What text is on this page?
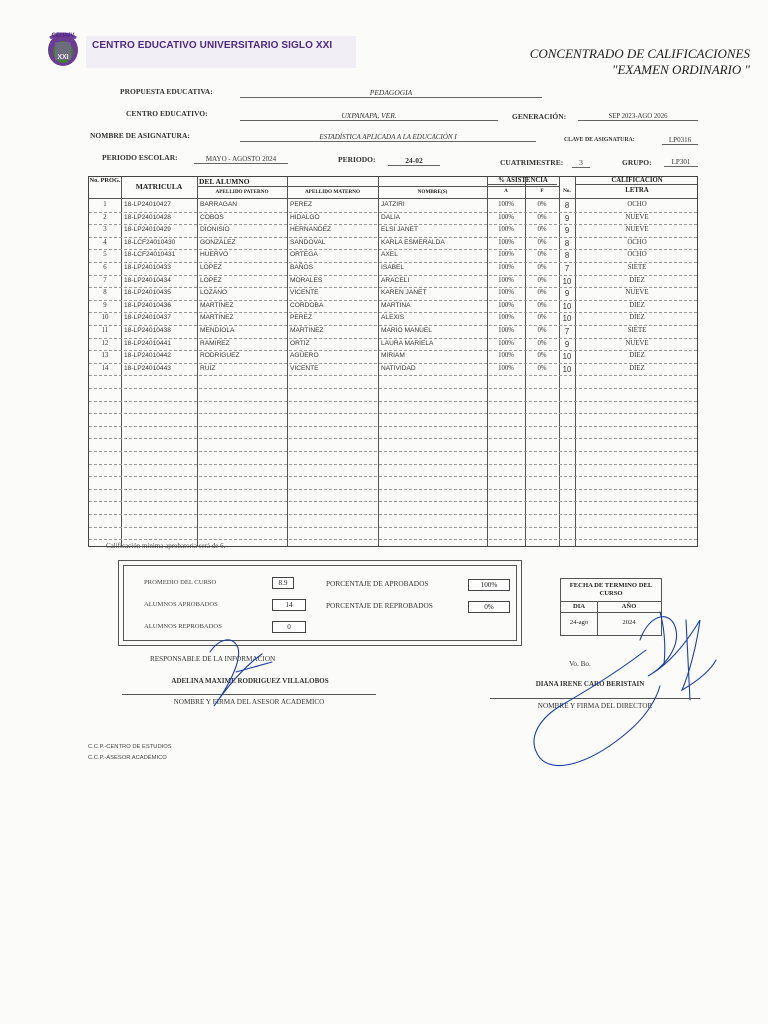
CEUNIV
XXI
CENTRO EDUCATIVO UNIVERSITARIO SIGLO XXI
CONCENTRADO DE CALIFICACIONES
"EXAMEN ORDINARIO "
PROPUESTA EDUCATIVA:	PEDAGOGIA
CENTRO EDUCATIVO:	UXPANAPA, VER.	GENERACIÓN:	SEP 2023-AGO 2026
NOMBRE DE ASIGNATURA:	ESTADÍSTICA APLICADA A LA EDUCACIÓN I	CLAVE DE ASIGNATURA:	LP0316
PERIODO ESCOLAR:	MAYO - AGOSTO 2024	PERIODO:	24-02	CUATRIMESTRE:	3	GRUPO:	LP301
No. PROG.
MATRICULA
DEL ALUMNO
APELLIDO PATERNO	APELLIDO MATERNO	NOMBRE(S)
% ASISTENCIA
A	F
CALIFICACION
No.	LETRA
1	18-LP24010427	BARRAGAN	PEREZ	JATZIRI	100%	0%	8	OCHO
2	18-LP24010428	COBOS	HIDALGO	DALIA	100%	0%	9	NUEVE
3	18-LP24010429	DIONISIO	HERNANDEZ	ELSI JANET	100%	0%	9	NUEVE
4	18-LCF24010430	GONZALEZ	SANDOVAL	KARLA ESMERALDA	100%	0%	8	OCHO
5	18-LCF24010431	HUERVO	ORTEGA	AXEL	100%	0%	8	OCHO
6	18-LP24010433	LOPEZ	BAÑOS	ISABEL	100%	0%	7	SIETE
7	18-LP24010434	LOPEZ	MORALES	ARACELI	100%	0%	10	DIEZ
8	18-LP24010435	LOZANO	VICENTE	KAREN JANET	100%	0%	9	NUEVE
9	18-LP24010436	MARTINEZ	CORDOBA	MARTINA	100%	0%	10	DIEZ
10	18-LP24010437	MARTINEZ	PEREZ	ALEXIS	100%	0%	10	DIEZ
11	18-LP24010438	MENDIOLA	MARTINEZ	MARIO MANUEL	100%	0%	7	SIETE
12	18-LP24010441	RAMIREZ	ORTIZ	LAURA MARIELA	100%	0%	9	NUEVE
13	18-LP24010442	RODRIGUEZ	AGÜERO	MIRIAM	100%	0%	10	DIEZ
14	18-LP24010443	RUIZ	VICENTE	NATIVIDAD	100%	0%	10	DIEZ
Calificación mínima aprobatoria será de 6.
PROMEDIO DEL CURSO	8.9
ALUMNOS APROBADOS	14
ALUMNOS REPROBADOS	0
PORCENTAJE DE APROBADOS	100%
PORCENTAJE DE REPROBADOS	0%
FECHA DE TERMINO DEL CURSO
DIA	AÑO
24-ago	2024
RESPONSABLE DE LA INFORMACION
ADELINA MAXIME RODRIGUEZ VILLALOBOS
NOMBRE Y FIRMA DEL ASESOR ACADEMICO
Vo. Bo.
DIANA IRENE CARO BERISTAIN
NOMBRE Y FIRMA DEL DIRECTOR
C.C.P.-CENTRO DE ESTUDIOS
C.C.P.-ASESOR ACADÉMICO
